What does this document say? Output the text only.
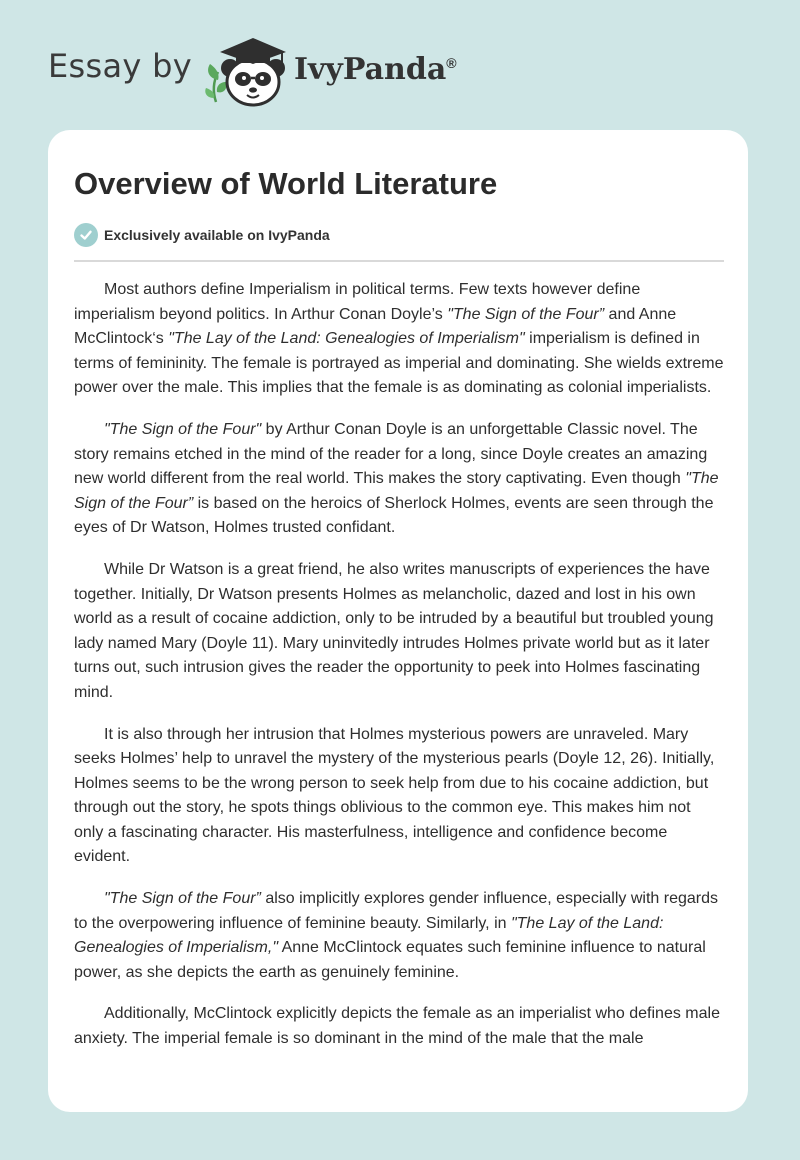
Essay by	IvyPanda®
Overview of World Literature
Exclusively available on IvyPanda

Most authors define Imperialism in political terms. Few texts however define imperialism beyond politics. In Arthur Conan Doyle’s "The Sign of the Four” and Anne McClintock‘s "The Lay of the Land: Genealogies of Imperialism" imperialism is defined in terms of femininity. The female is portrayed as imperial and dominating. She wields extreme power over the male. This implies that the female is as dominating as colonial imperialists.

"The Sign of the Four" by Arthur Conan Doyle is an unforgettable Classic novel. The story remains etched in the mind of the reader for a long, since Doyle creates an amazing new world different from the real world. This makes the story captivating. Even though "The Sign of the Four” is based on the heroics of Sherlock Holmes, events are seen through the eyes of Dr Watson, Holmes trusted confidant.

While Dr Watson is a great friend, he also writes manuscripts of experiences the have together. Initially, Dr Watson presents Holmes as melancholic, dazed and lost in his own world as a result of cocaine addiction, only to be intruded by a beautiful but troubled young lady named Mary (Doyle 11). Mary uninvitedly intrudes Holmes private world but as it later turns out, such intrusion gives the reader the opportunity to peek into Holmes fascinating mind.

It is also through her intrusion that Holmes mysterious powers are unraveled. Mary seeks Holmes’ help to unravel the mystery of the mysterious pearls (Doyle 12, 26). Initially, Holmes seems to be the wrong person to seek help from due to his cocaine addiction, but through out the story, he spots things oblivious to the common eye. This makes him not only a fascinating character. His masterfulness, intelligence and confidence become evident.

"The Sign of the Four” also implicitly explores gender influence, especially with regards to the overpowering influence of feminine beauty. Similarly, in "The Lay of the Land: Genealogies of Imperialism," Anne McClintock equates such feminine influence to natural power, as she depicts the earth as genuinely feminine.

Additionally, McClintock explicitly depicts the female as an imperialist who defines male anxiety. The imperial female is so dominant in the mind of the male that the male
